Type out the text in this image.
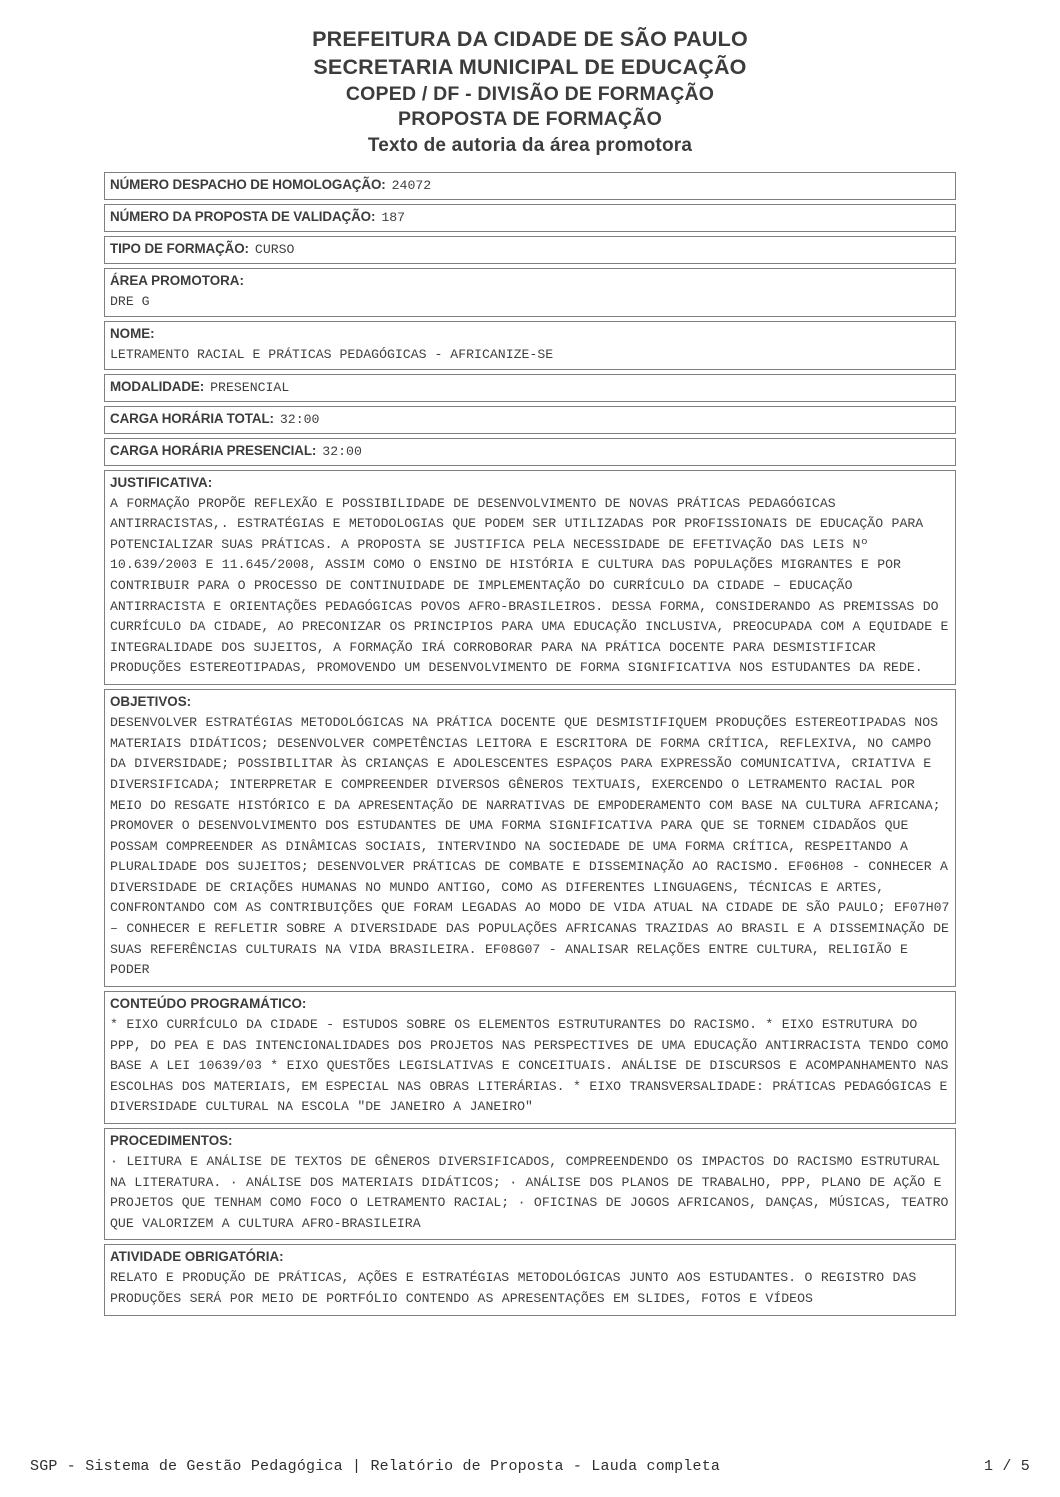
PREFEITURA DA CIDADE DE SÃO PAULO
SECRETARIA MUNICIPAL DE EDUCAÇÃO
COPED / DF - DIVISÃO DE FORMAÇÃO
PROPOSTA DE FORMAÇÃO
Texto de autoria da área promotora
NÚMERO DESPACHO DE HOMOLOGAÇÃO: 24072
NÚMERO DA PROPOSTA DE VALIDAÇÃO: 187
TIPO DE FORMAÇÃO: CURSO
ÁREA PROMOTORA:
DRE G
NOME:
LETRAMENTO RACIAL E PRÁTICAS PEDAGÓGICAS - AFRICANIZE-SE
MODALIDADE: PRESENCIAL
CARGA HORÁRIA TOTAL: 32:00
CARGA HORÁRIA PRESENCIAL: 32:00
JUSTIFICATIVA:
A FORMAÇÃO PROPÕE REFLEXÃO E POSSIBILIDADE DE DESENVOLVIMENTO DE NOVAS PRÁTICAS PEDAGÓGICAS ANTIRRACISTAS,. ESTRATÉGIAS E METODOLOGIAS QUE PODEM SER UTILIZADAS POR PROFISSIONAIS DE EDUCAÇÃO PARA POTENCIALIZAR SUAS PRÁTICAS. A PROPOSTA SE JUSTIFICA PELA NECESSIDADE DE EFETIVAÇÃO DAS LEIS Nº 10.639/2003 E 11.645/2008, ASSIM COMO O ENSINO DE HISTÓRIA E CULTURA DAS POPULAÇÕES MIGRANTES E POR CONTRIBUIR PARA O PROCESSO DE CONTINUIDADE DE IMPLEMENTAÇÃO DO CURRÍCULO DA CIDADE – EDUCAÇÃO ANTIRRACISTA E ORIENTAÇÕES PEDAGÓGICAS POVOS AFRO-BRASILEIROS. DESSA FORMA, CONSIDERANDO AS PREMISSAS DO CURRÍCULO DA CIDADE, AO PRECONIZAR OS PRINCIPIOS PARA UMA EDUCAÇÃO INCLUSIVA, PREOCUPADA COM A EQUIDADE E INTEGRALIDADE DOS SUJEITOS, A FORMAÇÃO IRÁ CORROBORAR PARA NA PRÁTICA DOCENTE PARA DESMISTIFICAR PRODUÇÕES ESTEREOTIPADAS, PROMOVENDO UM DESENVOLVIMENTO DE FORMA SIGNIFICATIVA NOS ESTUDANTES DA REDE.
OBJETIVOS:
DESENVOLVER ESTRATÉGIAS METODOLÓGICAS NA PRÁTICA DOCENTE QUE DESMISTIFIQUEM PRODUÇÕES ESTEREOTIPADAS NOS MATERIAIS DIDÁTICOS; DESENVOLVER COMPETÊNCIAS LEITORA E ESCRITORA DE FORMA CRÍTICA, REFLEXIVA, NO CAMPO DA DIVERSIDADE; POSSIBILITAR ÀS CRIANÇAS E ADOLESCENTES ESPAÇOS PARA EXPRESSÃO COMUNICATIVA, CRIATIVA E DIVERSIFICADA; INTERPRETAR E COMPREENDER DIVERSOS GÊNEROS TEXTUAIS, EXERCENDO O LETRAMENTO RACIAL POR MEIO DO RESGATE HISTÓRICO E DA APRESENTAÇÃO DE NARRATIVAS DE EMPODERAMENTO COM BASE NA CULTURA AFRICANA; PROMOVER O DESENVOLVIMENTO DOS ESTUDANTES DE UMA FORMA SIGNIFICATIVA PARA QUE SE TORNEM CIDADÃOS QUE POSSAM COMPREENDER AS DINÂMICAS SOCIAIS, INTERVINDO NA SOCIEDADE DE UMA FORMA CRÍTICA, RESPEITANDO A PLURALIDADE DOS SUJEITOS; DESENVOLVER PRÁTICAS DE COMBATE E DISSEMINAÇÃO AO RACISMO. EF06H08 - CONHECER A DIVERSIDADE DE CRIAÇÕES HUMANAS NO MUNDO ANTIGO, COMO AS DIFERENTES LINGUAGENS, TÉCNICAS E ARTES, CONFRONTANDO COM AS CONTRIBUIÇÕES QUE FORAM LEGADAS AO MODO DE VIDA ATUAL NA CIDADE DE SÃO PAULO; EF07H07 – CONHECER E REFLETIR SOBRE A DIVERSIDADE DAS POPULAÇÕES AFRICANAS TRAZIDAS AO BRASIL E A DISSEMINAÇÃO DE SUAS REFERÊNCIAS CULTURAIS NA VIDA BRASILEIRA. EF08G07 - ANALISAR RELAÇÕES ENTRE CULTURA, RELIGIÃO E PODER
CONTEÚDO PROGRAMÁTICO:
* EIXO CURRÍCULO DA CIDADE - ESTUDOS SOBRE OS ELEMENTOS ESTRUTURANTES DO RACISMO. * EIXO ESTRUTURA DO PPP, DO PEA E DAS INTENCIONALIDADES DOS PROJETOS NAS PERSPECTIVES DE UMA EDUCAÇÃO ANTIRRACISTA TENDO COMO BASE A LEI 10639/03 * EIXO QUESTÕES LEGISLATIVAS E CONCEITUAIS. ANÁLISE DE DISCURSOS E ACOMPANHAMENTO NAS ESCOLHAS DOS MATERIAIS, EM ESPECIAL NAS OBRAS LITERÁRIAS. * EIXO TRANSVERSALIDADE: PRÁTICAS PEDAGÓGICAS E DIVERSIDADE CULTURAL NA ESCOLA "DE JANEIRO A JANEIRO"
PROCEDIMENTOS:
· LEITURA E ANÁLISE DE TEXTOS DE GÊNEROS DIVERSIFICADOS, COMPREENDENDO OS IMPACTOS DO RACISMO ESTRUTURAL NA LITERATURA. · ANÁLISE DOS MATERIAIS DIDÁTICOS; · ANÁLISE DOS PLANOS DE TRABALHO, PPP, PLANO DE AÇÃO E PROJETOS QUE TENHAM COMO FOCO O LETRAMENTO RACIAL; · OFICINAS DE JOGOS AFRICANOS, DANÇAS, MÚSICAS, TEATRO QUE VALORIZEM A CULTURA AFRO-BRASILEIRA
ATIVIDADE OBRIGATÓRIA:
RELATO E PRODUÇÃO DE PRÁTICAS, AÇÕES E ESTRATÉGIAS METODOLÓGICAS JUNTO AOS ESTUDANTES. O REGISTRO DAS PRODUÇÕES SERÁ POR MEIO DE PORTFÓLIO CONTENDO AS APRESENTAÇÕES EM SLIDES, FOTOS E VÍDEOS
SGP - Sistema de Gestão Pedagógica | Relatório de Proposta - Lauda completa	1 / 5
